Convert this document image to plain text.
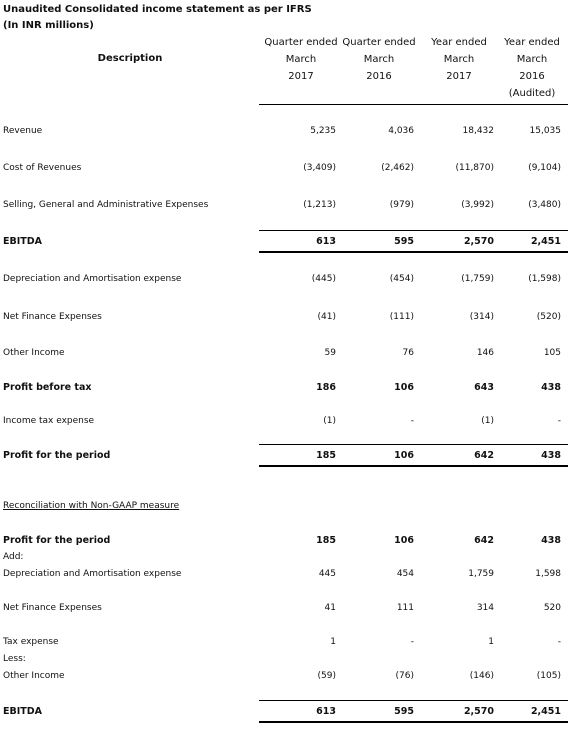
Unaudited Consolidated income statement as per IFRS
(In INR millions)
Description
Quarter ended
March
2017
Quarter ended
March
2016
Year ended
March
2017
Year ended
March
2016
(Audited)
Revenue	5,235	4,036	18,432	15,035
Cost of Revenues	(3,409)	(2,462)	(11,870)	(9,104)
Selling, General and Administrative Expenses	(1,213)	(979)	(3,992)	(3,480)
EBITDA	613	595	2,570	2,451
Depreciation and Amortisation expense	(445)	(454)	(1,759)	(1,598)
Net Finance Expenses	(41)	(111)	(314)	(520)
Other Income	59	76	146	105
Profit before tax	186	106	643	438
Income tax expense	(1)	-	(1)	-
Profit for the period	185	106	642	438
Reconciliation with Non-GAAP measure
Profit for the period	185	106	642	438
Add:
Depreciation and Amortisation expense	445	454	1,759	1,598
Net Finance Expenses	41	111	314	520
Tax expense	1	-	1	-
Less:
Other Income	(59)	(76)	(146)	(105)
EBITDA	613	595	2,570	2,451
